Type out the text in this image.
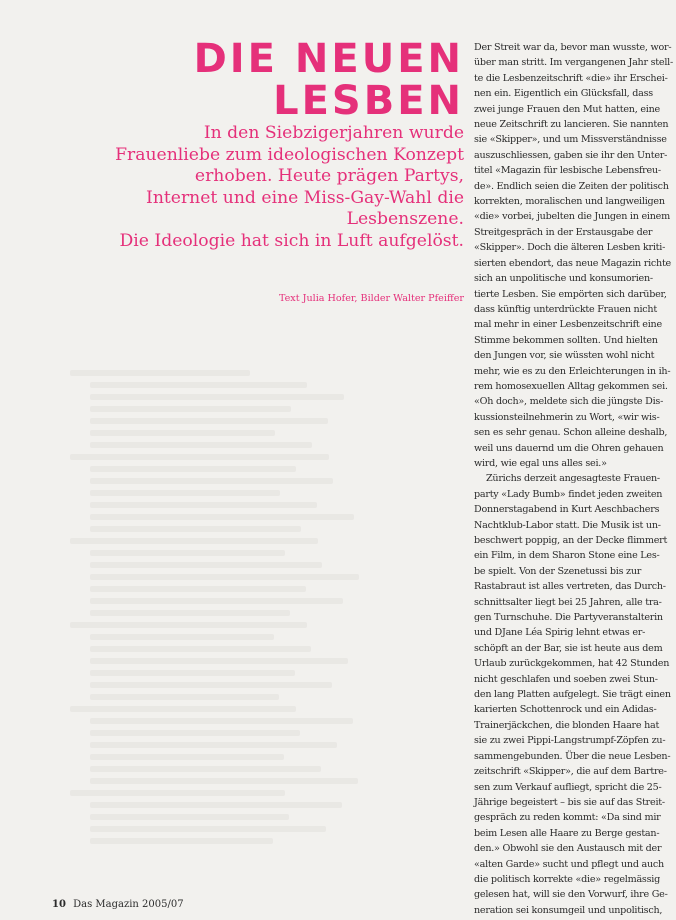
DIE NEUEN
LESBEN

In den Siebzigerjahren wurde
Frauenliebe zum ideologischen Konzept
erhoben. Heute prägen Partys,
Internet und eine Miss-Gay-Wahl die
Lesbenszene.
Die Ideologie hat sich in Luft aufgelöst.

Text Julia Hofer, Bilder Walter Pfeiffer

Der Streit war da, bevor man wusste, wor-
über man stritt. Im vergangenen Jahr stell-
te die Lesbenzeitschrift «die» ihr Erschei-
nen ein. Eigentlich ein Glücksfall, dass
zwei junge Frauen den Mut hatten, eine
neue Zeitschrift zu lancieren. Sie nannten
sie «Skipper», und um Missverständnisse
auszuschliessen, gaben sie ihr den Unter-
titel «Magazin für lesbische Lebensfreu-
de». Endlich seien die Zeiten der politisch
korrekten, moralischen und langweiligen
«die» vorbei, jubelten die Jungen in einem
Streitgespräch in der Erstausgabe der
«Skipper». Doch die älteren Lesben kriti-
sierten ebendort, das neue Magazin richte
sich an unpolitische und konsumorien-
tierte Lesben. Sie empörten sich darüber,
dass künftig unterdrückte Frauen nicht
mal mehr in einer Lesbenzeitschrift eine
Stimme bekommen sollten. Und hielten
den Jungen vor, sie wüssten wohl nicht
mehr, wie es zu den Erleichterungen in ih-
rem homosexuellen Alltag gekommen sei.
«Oh doch», meldete sich die jüngste Dis-
kussionsteilnehmerin zu Wort, «wir wis-
sen es sehr genau. Schon alleine deshalb,
weil uns dauernd um die Ohren gehauen
wird, wie egal uns alles sei.»
Zürichs derzeit angesagteste Frauen-
party «Lady Bumb» findet jeden zweiten
Donnerstagabend in Kurt Aeschbachers
Nachtklub-Labor statt. Die Musik ist un-
beschwert poppig, an der Decke flimmert
ein Film, in dem Sharon Stone eine Les-
be spielt. Von der Szenetussi bis zur
Rastabraut ist alles vertreten, das Durch-
schnittsalter liegt bei 25 Jahren, alle tra-
gen Turnschuhe. Die Partyveranstalterin
und DJane Léa Spirig lehnt etwas er-
schöpft an der Bar, sie ist heute aus dem
Urlaub zurückgekommen, hat 42 Stunden
nicht geschlafen und soeben zwei Stun-
den lang Platten aufgelegt. Sie trägt einen
karierten Schottenrock und ein Adidas-
Trainerjäckchen, die blonden Haare hat
sie zu zwei Pippi-Langstrumpf-Zöpfen zu-
sammengebunden. Über die neue Lesben-
zeitschrift «Skipper», die auf dem Bartre-
sen zum Verkauf aufliegt, spricht die 25-
Jährige begeistert – bis sie auf das Streit-
gespräch zu reden kommt: «Da sind mir
beim Lesen alle Haare zu Berge gestan-
den.» Obwohl sie den Austausch mit der
«alten Garde» sucht und pflegt und auch
die politisch korrekte «die» regelmässig
gelesen hat, will sie den Vorwurf, ihre Ge-
neration sei konsumgeil und unpolitisch,
10 Das Magazin 2005/07
